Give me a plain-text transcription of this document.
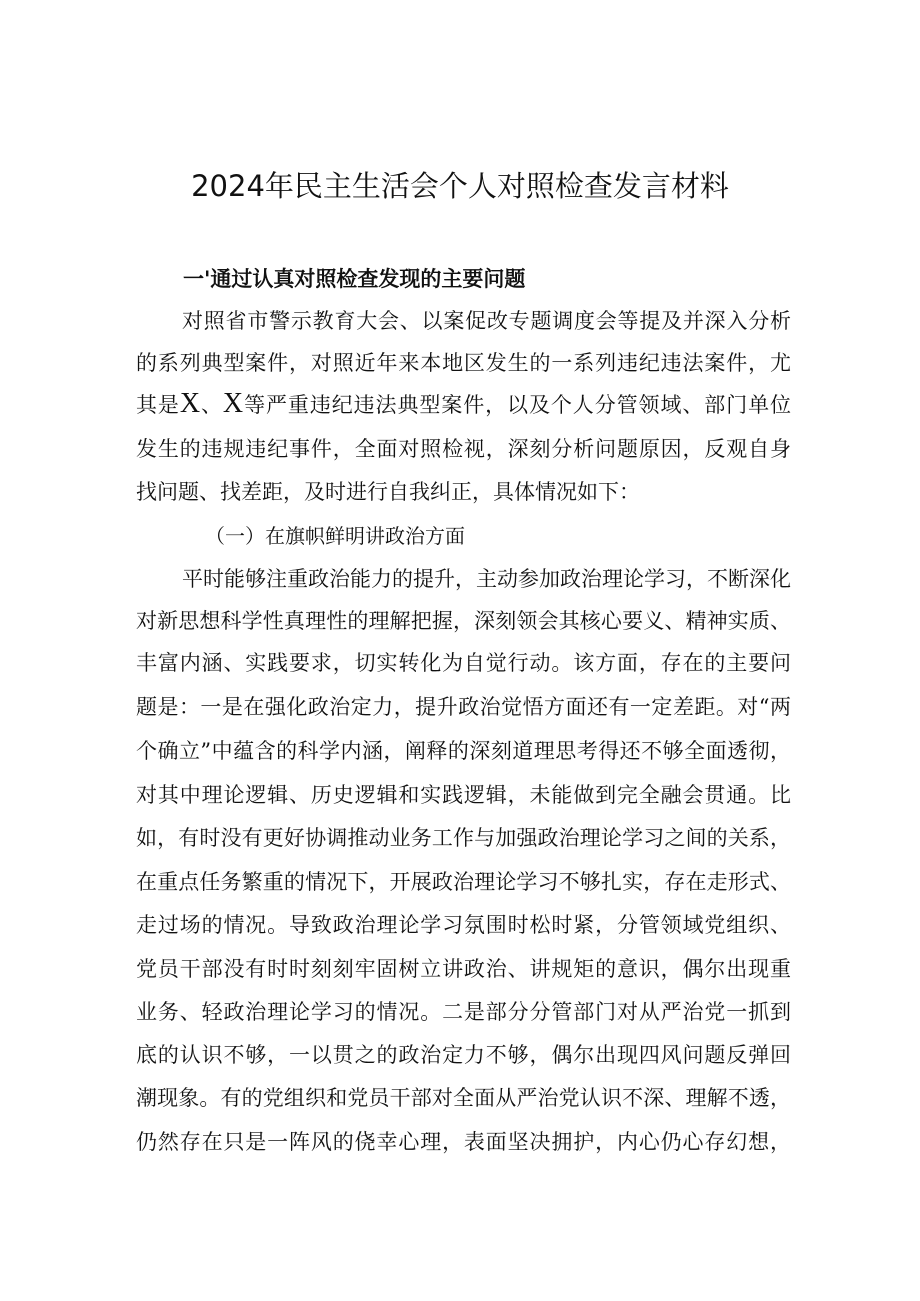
2024年民主生活会个人对照检查发言材料
一'通过认真对照检查发现的主要问题
对照省市警示教育大会、以案促改专题调度会等提及并深入分析
的系列典型案件，对照近年来本地区发生的一系列违纪违法案件，尤
其是X、X等严重违纪违法典型案件，以及个人分管领域、部门单位
发生的违规违纪事件，全面对照检视，深刻分析问题原因，反观自身
找问题、找差距，及时进行自我纠正，具体情况如下：
（一）在旗帜鲜明讲政治方面
平时能够注重政治能力的提升，主动参加政治理论学习，不断深化
对新思想科学性真理性的理解把握，深刻领会其核心要义、精神实质、
丰富内涵、实践要求，切实转化为自觉行动。该方面，存在的主要问
题是：一是在强化政治定力，提升政治觉悟方面还有一定差距。对“两
个确立”中蕴含的科学内涵，阐释的深刻道理思考得还不够全面透彻，
对其中理论逻辑、历史逻辑和实践逻辑，未能做到完全融会贯通。比
如，有时没有更好协调推动业务工作与加强政治理论学习之间的关系，
在重点任务繁重的情况下，开展政治理论学习不够扎实，存在走形式、
走过场的情况。导致政治理论学习氛围时松时紧，分管领域党组织、
党员干部没有时时刻刻牢固树立讲政治、讲规矩的意识，偶尔出现重
业务、轻政治理论学习的情况。二是部分分管部门对从严治党一抓到
底的认识不够，一以贯之的政治定力不够，偶尔出现四风问题反弹回
潮现象。有的党组织和党员干部对全面从严治党认识不深、理解不透，
仍然存在只是一阵风的侥幸心理，表面坚决拥护，内心仍心存幻想，
